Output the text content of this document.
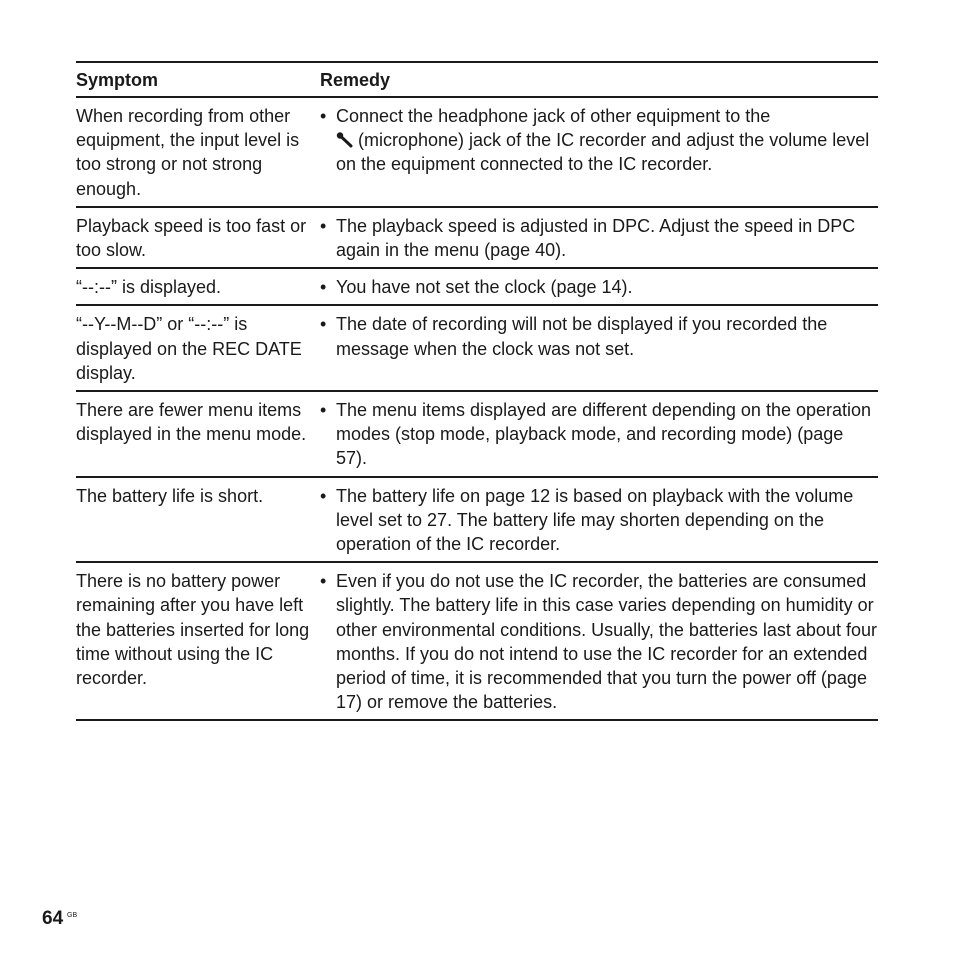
Symptom	Remedy
When recording from other equipment, the input level is too strong or not strong enough.	• Connect the headphone jack of other equipment to the
(microphone) jack of the IC recorder and adjust the volume level on the equipment connected to the IC recorder.

Playback speed is too fast or too slow.	• The playback speed is adjusted in DPC. Adjust the speed in DPC again in the menu (page 40).

“--:--” is displayed.	• You have not set the clock (page 14).

“--Y--M--D” or “--:--” is displayed on the REC DATE display.	• The date of recording will not be displayed if you recorded the message when the clock was not set.

There are fewer menu items displayed in the menu mode.	• The menu items displayed are different depending on the operation modes (stop mode, playback mode, and recording mode) (page 57).

The battery life is short.	• The battery life on page 12 is based on playback with the volume level set to 27. The battery life may shorten depending on the operation of the IC recorder.

There is no battery power remaining after you have left the batteries inserted for long time without using the IC recorder.	• Even if you do not use the IC recorder, the batteries are consumed slightly. The battery life in this case varies depending on humidity or other environmental conditions. Usually, the batteries last about four months. If you do not intend to use the IC recorder for an extended period of time, it is recommended that you turn the power off (page 17) or remove the batteries.
64 GB
